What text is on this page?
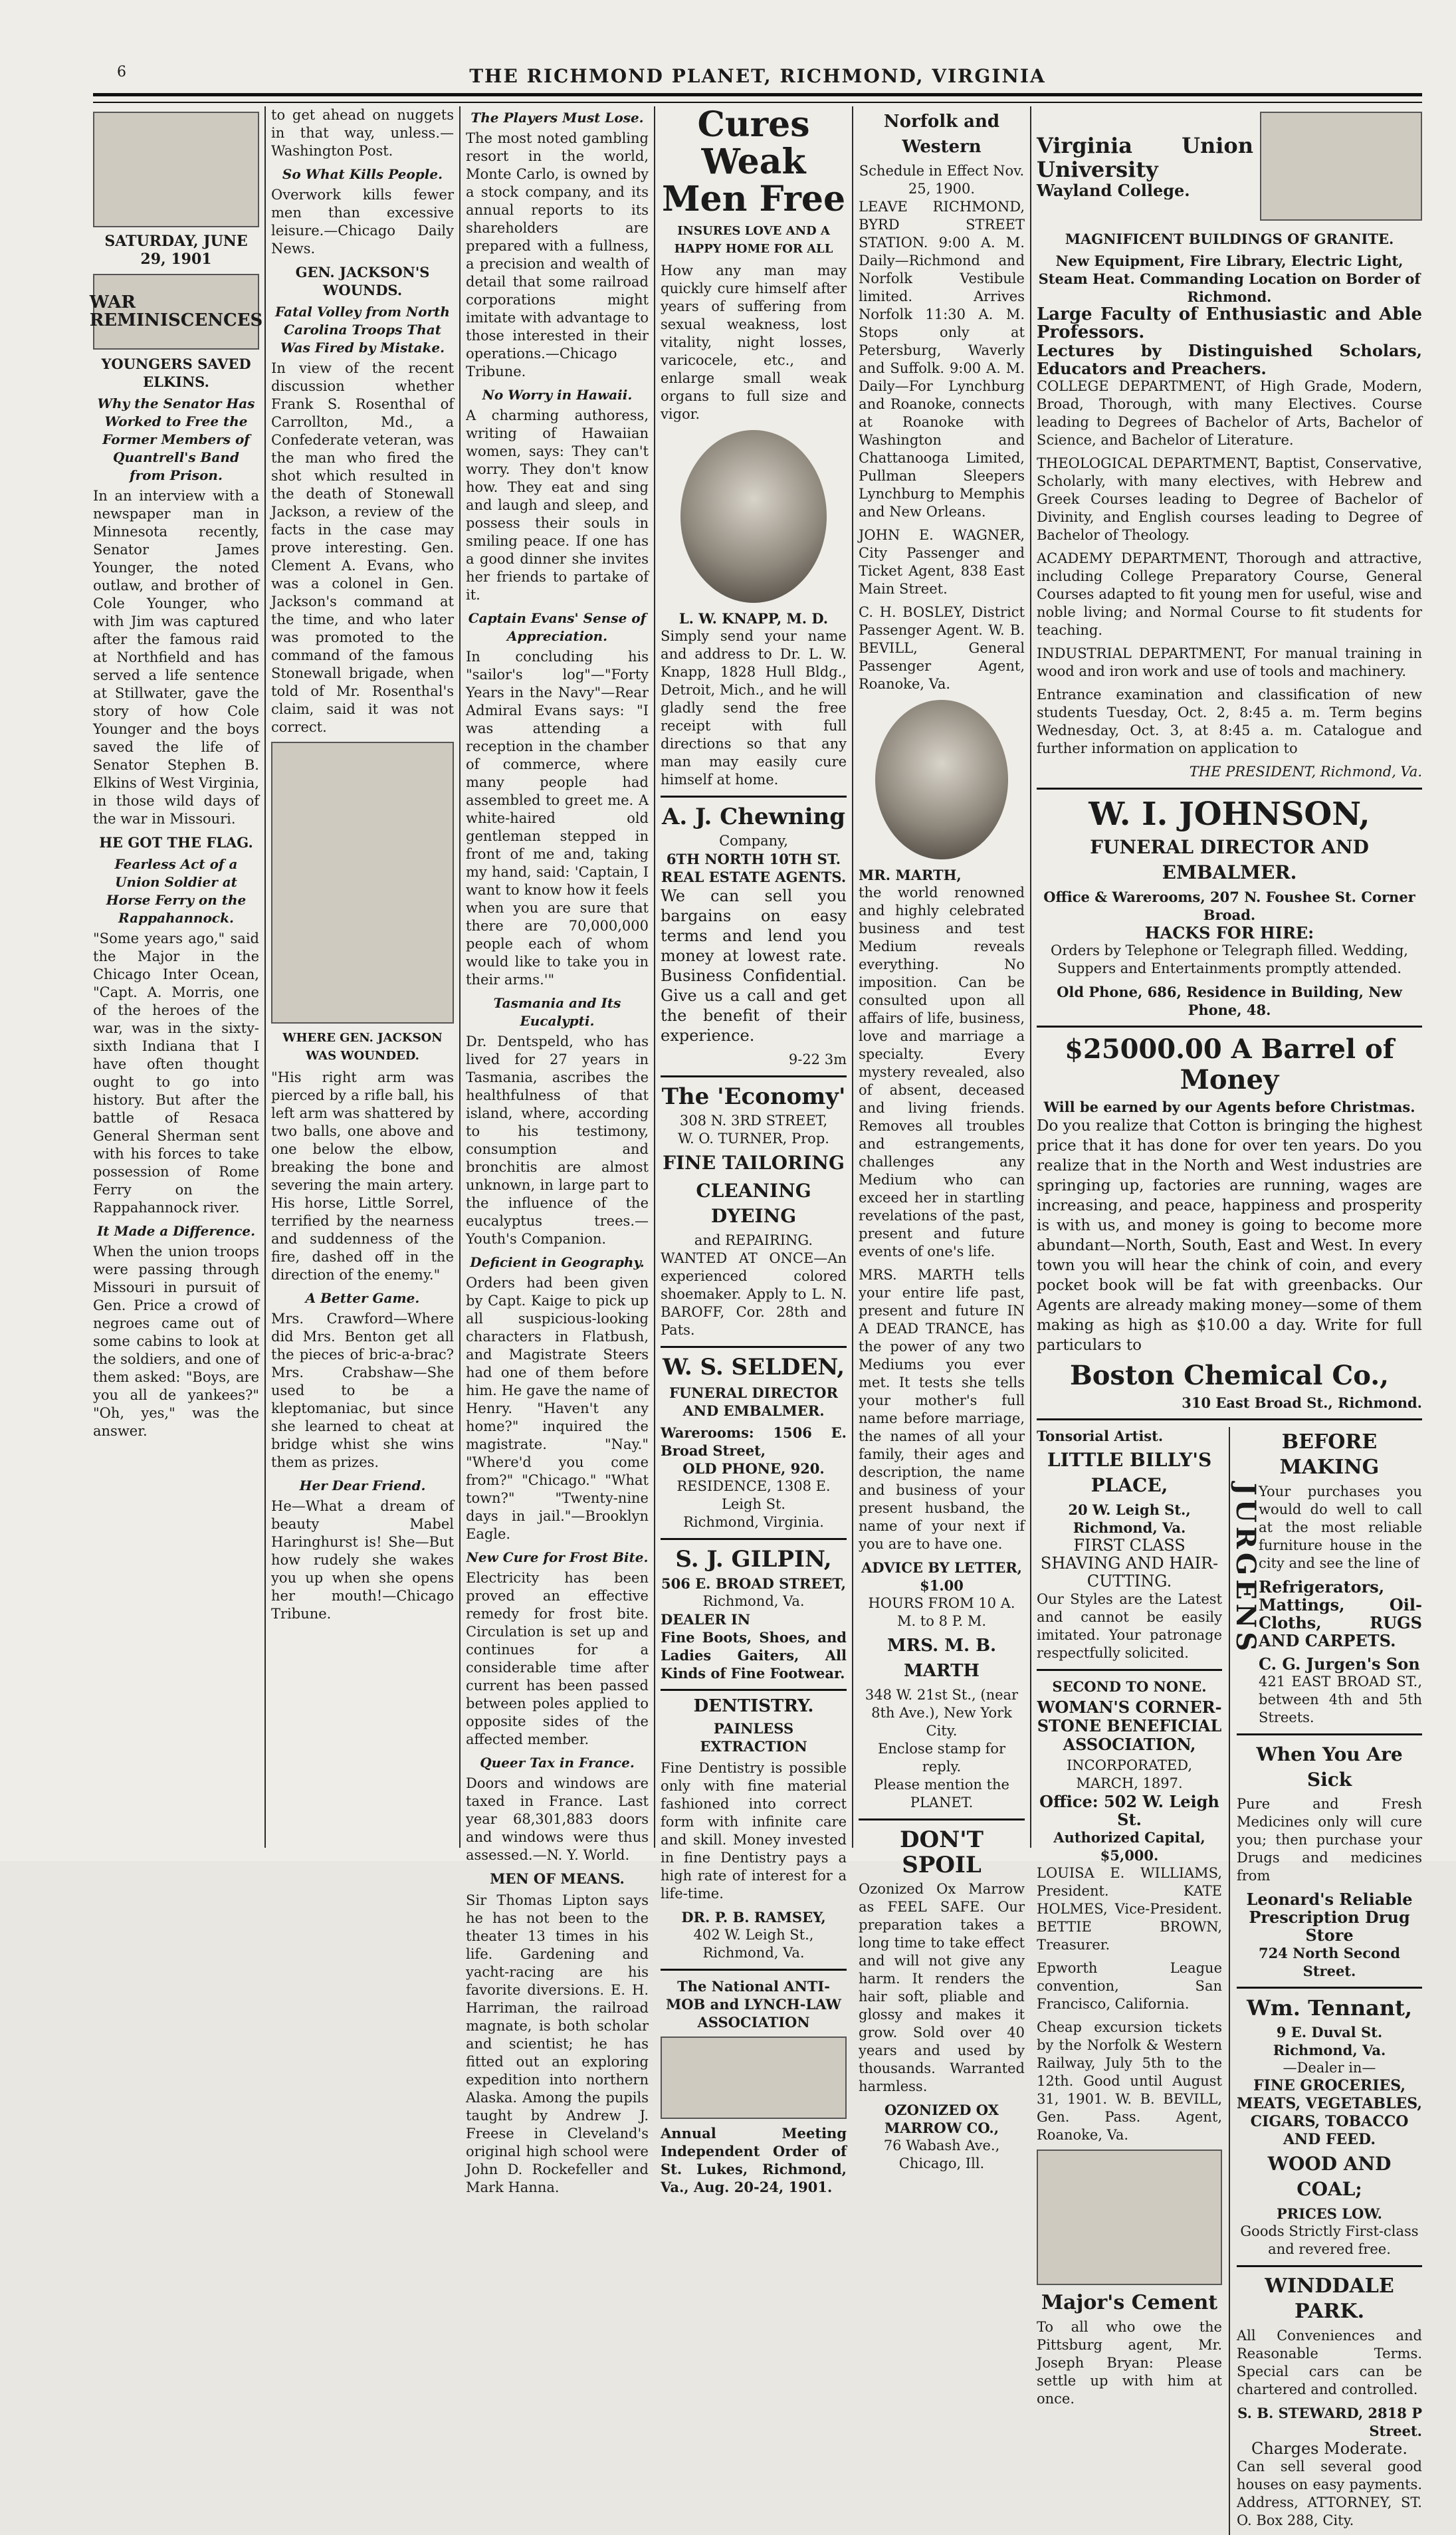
6	THE RICHMOND PLANET, RICHMOND, VIRGINIA
SATURDAY, JUNE 29, 1901
WAR REMINISCENCES
YOUNGERS SAVED ELKINS.
Why the Senator Has Worked to Free the Former Members of Quantrell's Band from Prison.

In an interview with a newspaper man in Minnesota recently, Senator James Younger, the noted outlaw, and brother of Cole Younger, who with Jim was captured after the famous raid at Northfield and has served a life sentence at Stillwater, gave the story of how Cole Younger and the boys saved the life of Senator Stephen B. Elkins of West Virginia, in those wild days of the war in Missouri.

HE GOT THE FLAG.
Fearless Act of a Union Soldier at Horse Ferry on the Rappahannock.

"Some years ago," said the Major in the Chicago Inter Ocean, "Capt. A. Morris, one of the heroes of the war, was in the sixty-sixth Indiana that I have often thought ought to go into history. But after the battle of Resaca General Sherman sent with his forces to take possession of Rome Ferry on the Rappahannock river.

It Made a Difference.

When the union troops were passing through Missouri in pursuit of Gen. Price a crowd of negroes came out of some cabins to look at the soldiers, and one of them asked: "Boys, are you all de yankees?" "Oh, yes," was the answer.

to get ahead on nuggets in that way, unless.—Washington Post.

So What Kills People.

Overwork kills fewer men than excessive leisure.—Chicago Daily News.

GEN. JACKSON'S WOUNDS.
Fatal Volley from North Carolina Troops That Was Fired by Mistake.

In view of the recent discussion whether Frank S. Rosenthal of Carrollton, Md., a Confederate veteran, was the man who fired the shot which resulted in the death of Stonewall Jackson, a review of the facts in the case may prove interesting. Gen. Clement A. Evans, who was a colonel in Gen. Jackson's command at the time, and who later was promoted to the command of the famous Stonewall brigade, when told of Mr. Rosenthal's claim, said it was not correct.

WHERE GEN. JACKSON WAS WOUNDED.

"His right arm was pierced by a rifle ball, his left arm was shattered by two balls, one above and one below the elbow, breaking the bone and severing the main artery. His horse, Little Sorrel, terrified by the nearness and suddenness of the fire, dashed off in the direction of the enemy."

A Better Game.

Mrs. Crawford—Where did Mrs. Benton get all the pieces of bric-a-brac? Mrs. Crabshaw—She used to be a kleptomaniac, but since she learned to cheat at bridge whist she wins them as prizes.

Her Dear Friend.

He—What a dream of beauty Mabel Haringhurst is! She—But how rudely she wakes you up when she opens her mouth!—Chicago Tribune.

The Players Must Lose.

The most noted gambling resort in the world, Monte Carlo, is owned by a stock company, and its annual reports to its shareholders are prepared with a fullness, a precision and wealth of detail that some railroad corporations might imitate with advantage to those interested in their operations.—Chicago Tribune.

No Worry in Hawaii.

A charming authoress, writing of Hawaiian women, says: They can't worry. They don't know how. They eat and sing and laugh and sleep, and possess their souls in smiling peace. If one has a good dinner she invites her friends to partake of it.

Captain Evans' Sense of Appreciation.

In concluding his "sailor's log"—"Forty Years in the Navy"—Rear Admiral Evans says: "I was attending a reception in the chamber of commerce, where many people had assembled to greet me. A white-haired old gentleman stepped in front of me and, taking my hand, said: 'Captain, I want to know how it feels when you are sure that there are 70,000,000 people each of whom would like to take you in their arms.'"

Tasmania and Its Eucalypti.

Dr. Dentspeld, who has lived for 27 years in Tasmania, ascribes the healthfulness of that island, where, according to his testimony, consumption and bronchitis are almost unknown, in large part to the influence of the eucalyptus trees.—Youth's Companion.

Deficient in Geography.

Orders had been given by Capt. Kaige to pick up all suspicious-looking characters in Flatbush, and Magistrate Steers had one of them before him. He gave the name of Henry. "Haven't any home?" inquired the magistrate. "Nay." "Where'd you come from?" "Chicago." "What town?" "Twenty-nine days in jail."—Brooklyn Eagle.

New Cure for Frost Bite.

Electricity has been proved an effective remedy for frost bite. Circulation is set up and continues for a considerable time after current has been passed between poles applied to opposite sides of the affected member.

Queer Tax in France.

Doors and windows are taxed in France. Last year 68,301,883 doors and windows were thus assessed.—N. Y. World.

MEN OF MEANS.

Sir Thomas Lipton says he has not been to the theater 13 times in his life. Gardening and yacht-racing are his favorite diversions. E. H. Harriman, the railroad magnate, is both scholar and scientist; he has fitted out an exploring expedition into northern Alaska. Among the pupils taught by Andrew J. Freese in Cleveland's original high school were John D. Rockefeller and Mark Hanna.

Cures Weak Men Free
INSURES LOVE AND A HAPPY HOME FOR ALL

How any man may quickly cure himself after years of suffering from sexual weakness, lost vitality, night losses, varicocele, etc., and enlarge small weak organs to full size and vigor.

L. W. KNAPP, M. D.

Simply send your name and address to Dr. L. W. Knapp, 1828 Hull Bldg., Detroit, Mich., and he will gladly send the free receipt with full directions so that any man may easily cure himself at home.

A. J. Chewning
Company,
6TH NORTH 10TH ST.
REAL ESTATE AGENTS.

We can sell you bargains on easy terms and lend you money at lowest rate. Business Confidential. Give us a call and get the benefit of their experience.

9-22 3m
The 'Economy'
308 N. 3RD STREET,
W. O. TURNER, Prop.
FINE TAILORING
CLEANING DYEING
and REPAIRING.

WANTED AT ONCE—An experienced colored shoemaker. Apply to L. N. BAROFF, Cor. 28th and Pats.

W. S. SELDEN,
FUNERAL DIRECTOR AND EMBALMER.
Warerooms: 1506 E. Broad Street,
OLD PHONE, 920.
RESIDENCE, 1308 E. Leigh St.
Richmond, Virginia.
S. J. GILPIN,
506 E. BROAD STREET,
Richmond, Va.
DEALER IN

Fine Boots, Shoes, and Ladies Gaiters, All Kinds of Fine Footwear.

DENTISTRY.
PAINLESS EXTRACTION

Fine Dentistry is possible only with fine material fashioned into correct form with infinite care and skill. Money invested in fine Dentistry pays a high rate of interest for a life-time.

DR. P. B. RAMSEY,
402 W. Leigh St., Richmond, Va.
The National ANTI-MOB and LYNCH-LAW ASSOCIATION

Annual Meeting Independent Order of St. Lukes, Richmond, Va., Aug. 20-24, 1901.

Norfolk and Western
Schedule in Effect Nov. 25, 1900.

LEAVE RICHMOND, BYRD STREET STATION. 9:00 A. M. Daily—Richmond and Norfolk Vestibule limited. Arrives Norfolk 11:30 A. M. Stops only at Petersburg, Waverly and Suffolk. 9:00 A. M. Daily—For Lynchburg and Roanoke, connects at Roanoke with Washington and Chattanooga Limited, Pullman Sleepers Lynchburg to Memphis and New Orleans.

JOHN E. WAGNER, City Passenger and Ticket Agent, 838 East Main Street.

C. H. BOSLEY, District Passenger Agent. W. B. BEVILL, General Passenger Agent, Roanoke, Va.

MR. MARTH,

the world renowned and highly celebrated business and test Medium reveals everything. No imposition. Can be consulted upon all affairs of life, business, love and marriage a specialty. Every mystery revealed, also of absent, deceased and living friends. Removes all troubles and estrangements, challenges any Medium who can exceed her in startling revelations of the past, present and future events of one's life.

MRS. MARTH tells your entire life past, present and future IN A DEAD TRANCE, has the power of any two Mediums you ever met. It tests she tells your mother's full name before marriage, the names of all your family, their ages and description, the name and business of your present husband, the name of your next if you are to have one.

ADVICE BY LETTER, $1.00
HOURS FROM 10 A. M. to 8 P. M.
MRS. M. B. MARTH
348 W. 21st St., (near 8th Ave.), New York City.
Enclose stamp for reply.
Please mention the PLANET.
DON'T SPOIL

Ozonized Ox Marrow as FEEL SAFE. Our preparation takes a long time to take effect and will not give any harm. It renders the hair soft, pliable and glossy and makes it grow. Sold over 40 years and used by thousands. Warranted harmless.

OZONIZED OX MARROW CO.,
76 Wabash Ave., Chicago, Ill.
Virginia Union University
Wayland College.
MAGNIFICENT BUILDINGS OF GRANITE.
New Equipment, Fire Library, Electric Light, Steam Heat. Commanding Location on Border of Richmond.
Large Faculty of Enthusiastic and Able Professors.
Lectures by Distinguished Scholars, Educators and Preachers.

COLLEGE DEPARTMENT, of High Grade, Modern, Broad, Thorough, with many Electives. Course leading to Degrees of Bachelor of Arts, Bachelor of Science, and Bachelor of Literature.

THEOLOGICAL DEPARTMENT, Baptist, Conservative, Scholarly, with many electives, with Hebrew and Greek Courses leading to Degree of Bachelor of Divinity, and English courses leading to Degree of Bachelor of Theology.

ACADEMY DEPARTMENT, Thorough and attractive, including College Preparatory Course, General Courses adapted to fit young men for useful, wise and noble living; and Normal Course to fit students for teaching.

INDUSTRIAL DEPARTMENT, For manual training in wood and iron work and use of tools and machinery.

Entrance examination and classification of new students Tuesday, Oct. 2, 8:45 a. m. Term begins Wednesday, Oct. 3, at 8:45 a. m. Catalogue and further information on application to

THE PRESIDENT, Richmond, Va.
W. I. JOHNSON,
FUNERAL DIRECTOR AND EMBALMER.
Office & Warerooms, 207 N. Foushee St. Corner Broad.
HACKS FOR HIRE:

Orders by Telephone or Telegraph filled. Wedding, Suppers and Entertainments promptly attended.

Old Phone, 686, Residence in Building, New Phone, 48.
$25000.00 A Barrel of Money
Will be earned by our Agents before Christmas.

Do you realize that Cotton is bringing the highest price that it has done for over ten years. Do you realize that in the North and West industries are springing up, factories are running, wages are increasing, and peace, happiness and prosperity is with us, and money is going to become more abundant—North, South, East and West. In every town you will hear the chink of coin, and every pocket book will be fat with greenbacks. Our Agents are already making money—some of them making as high as $10.00 a day. Write for full particulars to

Boston Chemical Co.,
310 East Broad St., Richmond.
Tonsorial Artist.
LITTLE BILLY'S PLACE,
20 W. Leigh St., Richmond, Va.
FIRST CLASS SHAVING AND HAIR-CUTTING.

Our Styles are the Latest and cannot be easily imitated. Your patronage respectfully solicited.

SECOND TO NONE.
WOMAN'S CORNER-STONE BENEFICIAL ASSOCIATION,
INCORPORATED, MARCH, 1897.
Office: 502 W. Leigh St.
Authorized Capital, $5,000.

LOUISA E. WILLIAMS, President. KATE HOLMES, Vice-President. BETTIE BROWN, Treasurer.

Epworth League convention, San Francisco, California.

Cheap excursion tickets by the Norfolk & Western Railway, July 5th to the 12th. Good until August 31, 1901. W. B. BEVILL, Gen. Pass. Agent, Roanoke, Va.

Major's Cement

To all who owe the Pittsburg agent, Mr. Joseph Bryan: Please settle up with him at once.

BEFORE MAKING
JURGENS

Your purchases you would do well to call at the most reliable furniture house in the city and see the line of

Refrigerators, Mattings, Oil-Cloths, RUGS AND CARPETS.

C. G. Jurgen's Son
421 EAST BROAD ST., between 4th and 5th Streets.
When You Are Sick

Pure and Fresh Medicines only will cure you; then purchase your Drugs and medicines from

Leonard's Reliable Prescription Drug Store
724 North Second Street.
Wm. Tennant,
9 E. Duval St. Richmond, Va.
—Dealer in—
FINE GROCERIES, MEATS, VEGETABLES, CIGARS, TOBACCO AND FEED.
WOOD AND COAL;
PRICES LOW.
Goods Strictly First-class and revered free.
WINDDALE PARK.

All Conveniences and Reasonable Terms. Special cars can be chartered and controlled.

S. B. STEWARD, 2818 P Street.
Charges Moderate.

Can sell several good houses on easy payments. Address, ATTORNEY, ST. O. Box 288, City.
